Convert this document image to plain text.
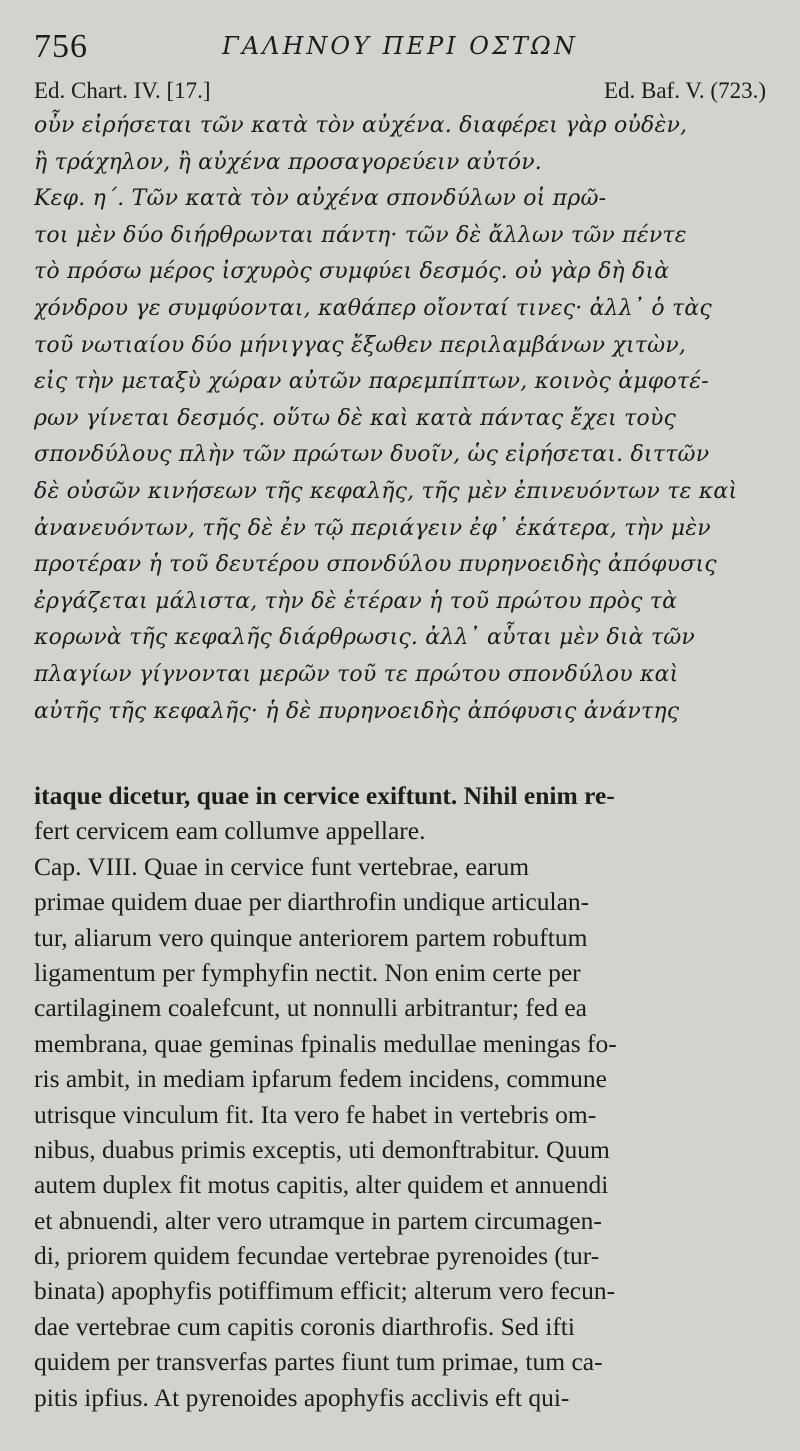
756	ΓΑΛΗΝΟΥ ΠΕΡΙ ΟΣΤΩΝ
Ed. Chart. IV. [17.]	Ed. Baf. V. (723.)
οὖν εἰρήσεται τῶν κατὰ τὸν αὐχένα. διαφέρει γὰρ οὐδὲν,
ἢ τράχηλον, ἢ αὐχένα προσαγορεύειν αὐτόν.
Κεφ. η΄. Τῶν κατὰ τὸν αὐχένα σπονδύλων οἱ πρῶ-
τοι μὲν δύο διήρθρωνται πάντη· τῶν δὲ ἄλλων τῶν πέντε
τὸ πρόσω μέρος ἰσχυρὸς συμφύει δεσμός. οὐ γὰρ δὴ διὰ
χόνδρου γε συμφύονται, καθάπερ οἴονταί τινες· ἀλλ᾽ ὁ τὰς
τοῦ νωτιαίου δύο μήνιγγας ἔξωθεν περιλαμβάνων χιτὼν,
εἰς τὴν μεταξὺ χώραν αὐτῶν παρεμπίπτων, κοινὸς ἀμφοτέ-
ρων γίνεται δεσμός. οὕτω δὲ καὶ κατὰ πάντας ἔχει τοὺς
σπονδύλους πλὴν τῶν πρώτων δυοῖν, ὡς εἰρήσεται. διττῶν
δὲ οὐσῶν κινήσεων τῆς κεφαλῆς, τῆς μὲν ἐπινευόντων τε καὶ
ἀνανευόντων, τῆς δὲ ἐν τῷ περιάγειν ἐφ᾽ ἑκάτερα, τὴν μὲν
προτέραν ἡ τοῦ δευτέρου σπονδύλου πυρηνοειδὴς ἀπόφυσις
ἐργάζεται μάλιστα, τὴν δὲ ἑτέραν ἡ τοῦ πρώτου πρὸς τὰ
κορωνὰ τῆς κεφαλῆς διάρθρωσις. ἀλλ᾽ αὗται μὲν διὰ τῶν
πλαγίων γίγνονται μερῶν τοῦ τε πρώτου σπονδύλου καὶ
αὐτῆς τῆς κεφαλῆς· ἡ δὲ πυρηνοειδὴς ἀπόφυσις ἀνάντης
itaque dicetur, quae in cervice exiftunt. Nihil enim re-
fert cervicem eam collumve appellare.
Cap. VIII. Quae in cervice funt vertebrae, earum
primae quidem duae per diarthrofin undique articulan-
tur, aliarum vero quinque anteriorem partem robuftum
ligamentum per fymphyfin nectit. Non enim certe per
cartilaginem coalefcunt, ut nonnulli arbitrantur; fed ea
membrana, quae geminas fpinalis medullae meningas fo-
ris ambit, in mediam ipfarum fedem incidens, commune
utrisque vinculum fit. Ita vero fe habet in vertebris om-
nibus, duabus primis exceptis, uti demonftrabitur. Quum
autem duplex fit motus capitis, alter quidem et annuendi
et abnuendi, alter vero utramque in partem circumagen-
di, priorem quidem fecundae vertebrae pyrenoides (tur-
binata) apophyfis potiffimum efficit; alterum vero fecun-
dae vertebrae cum capitis coronis diarthrofis. Sed ifti
quidem per transverfas partes fiunt tum primae, tum ca-
pitis ipfius. At pyrenoides apophyfis acclivis eft qui-
